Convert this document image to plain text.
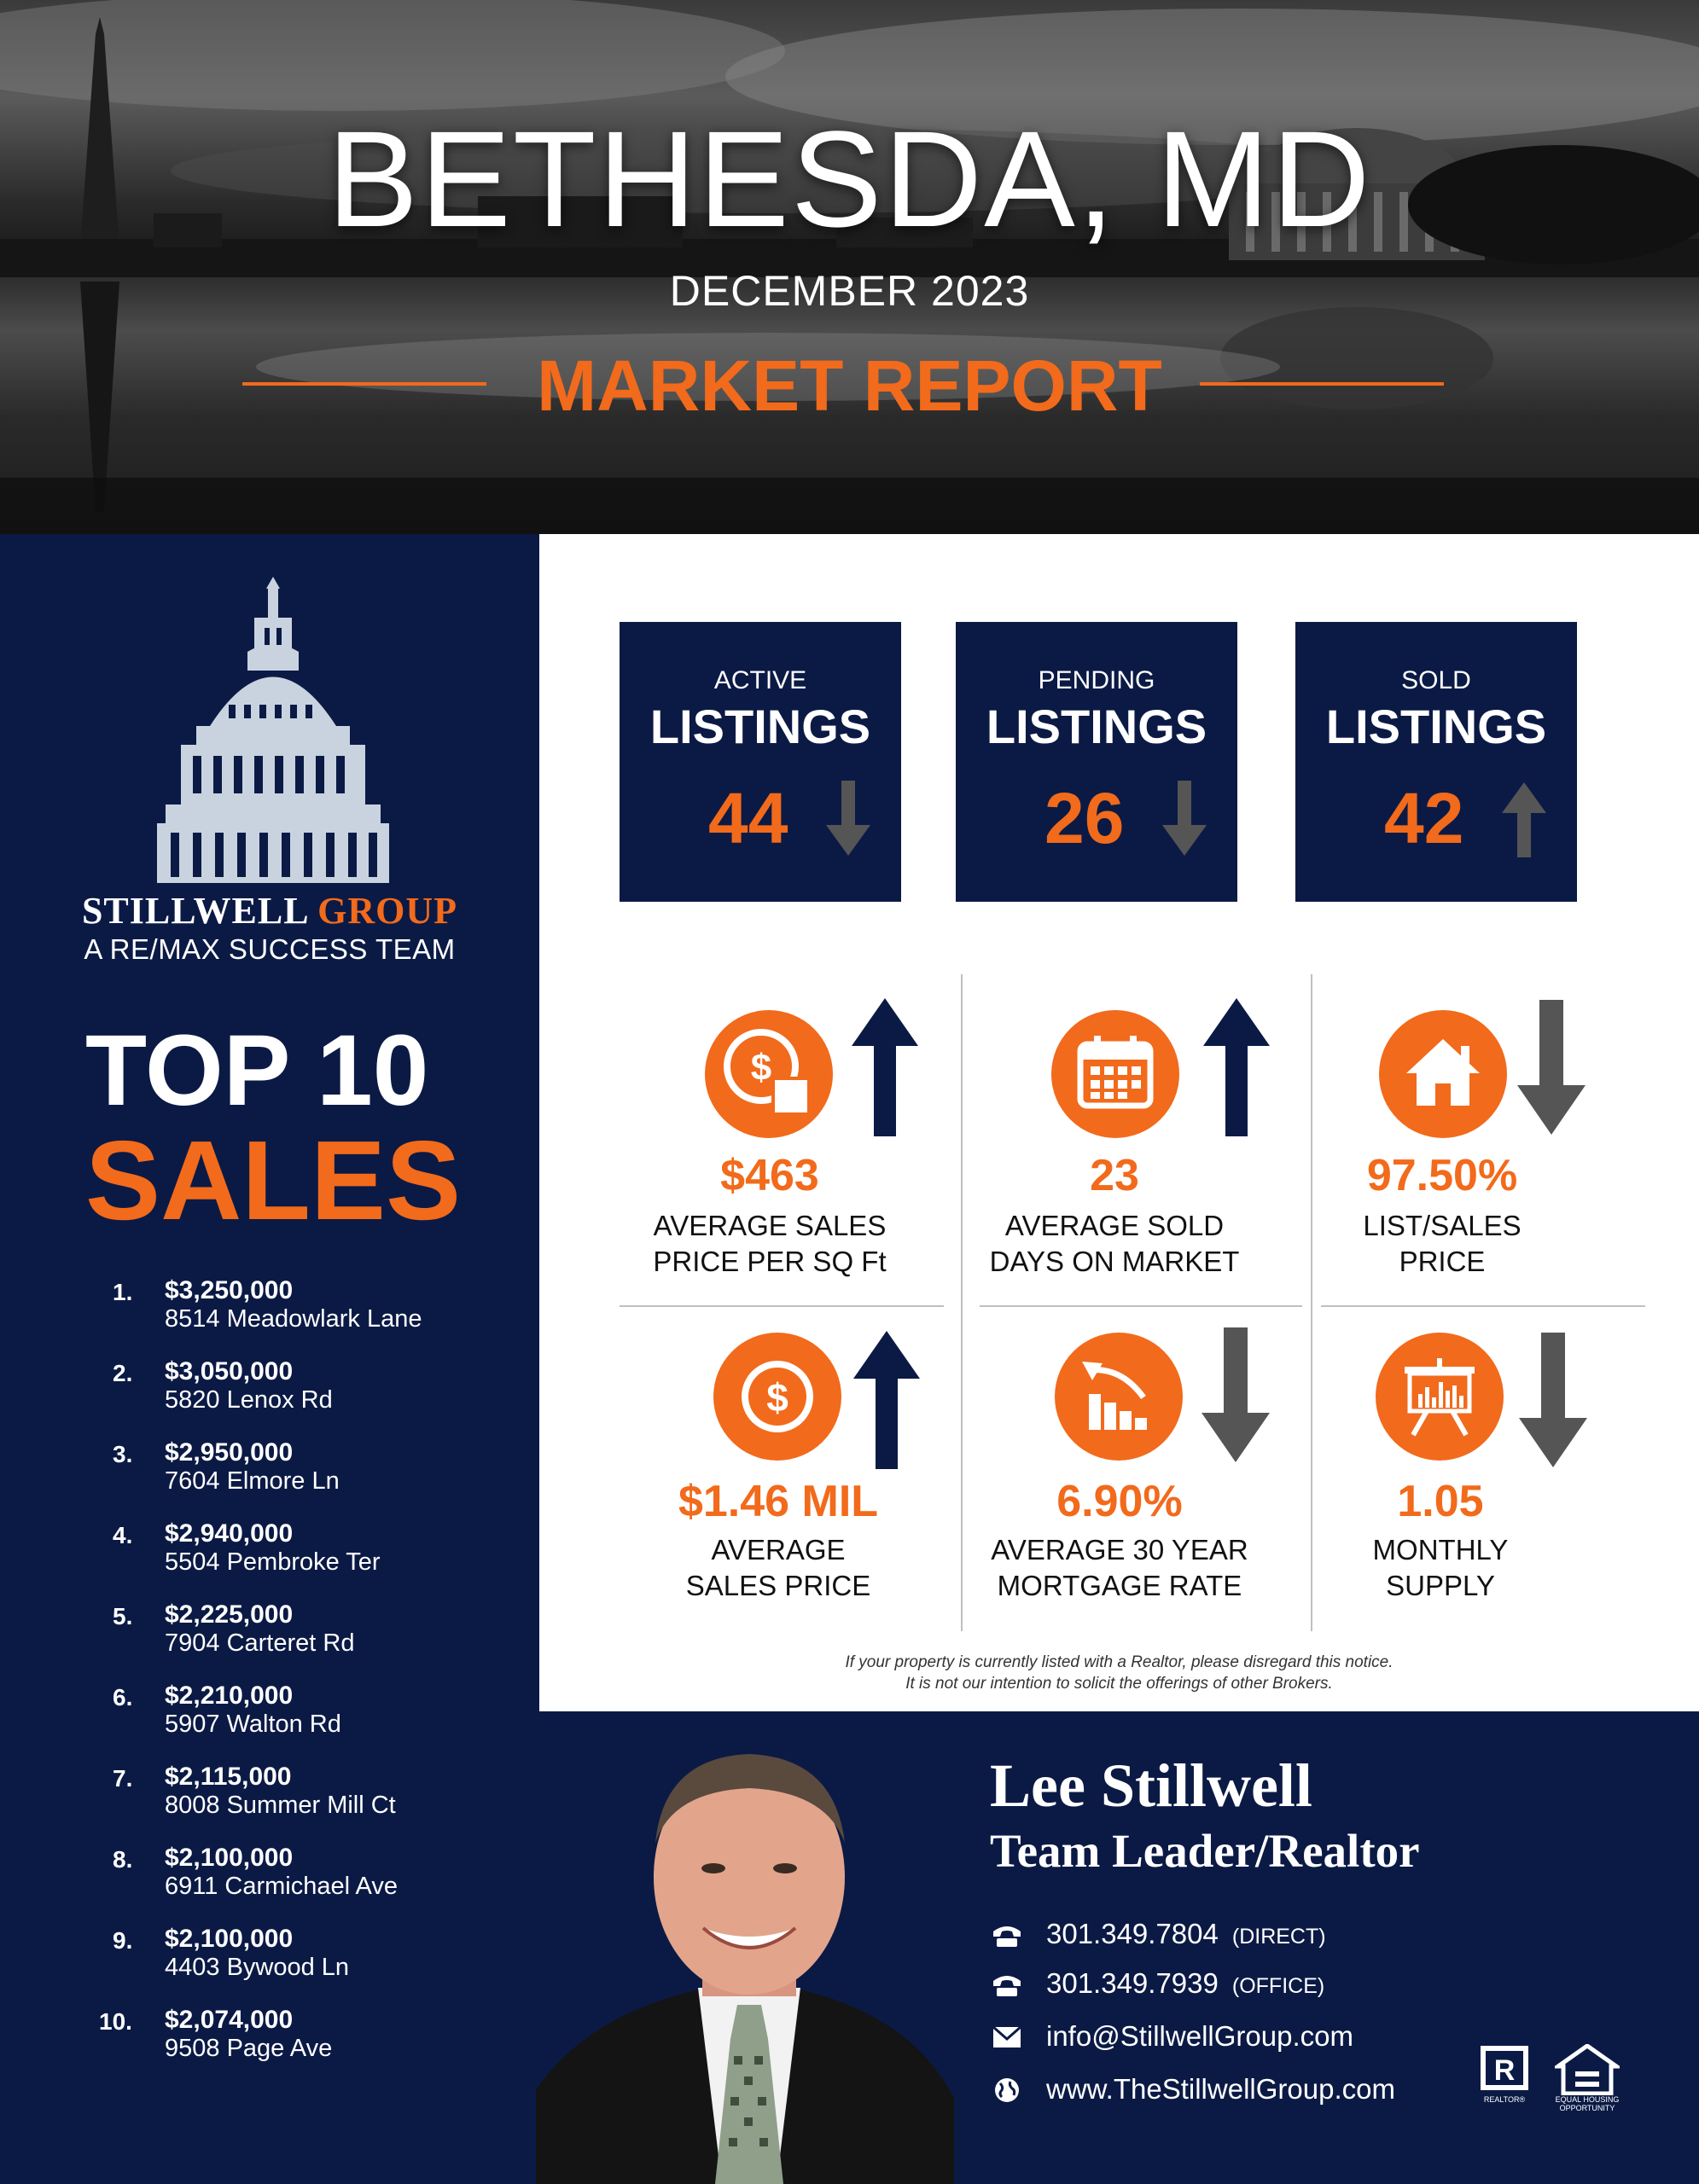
BETHESDA, MD
DECEMBER 2023
MARKET REPORT
STILLWELL GROUP
A RE/MAX SUCCESS TEAM
TOP 10
SALES
1.	$3,250,000
8514 Meadowlark Lane
2.	$3,050,000
5820 Lenox Rd
3.	$2,950,000
7604 Elmore Ln
4.	$2,940,000
5504 Pembroke Ter
5.	$2,225,000
7904 Carteret Rd
6.	$2,210,000
5907 Walton Rd
7.	$2,115,000
8008 Summer Mill Ct
8.	$2,100,000
6911 Carmichael Ave
9.	$2,100,000
4403 Bywood Ln
10.	$2,074,000
9508 Page Ave
ACTIVE
LISTINGS
44
PENDING
LISTINGS
26
SOLD
LISTINGS
42
$
$463
AVERAGE SALES
PRICE PER SQ Ft
23
AVERAGE SOLD
DAYS ON MARKET
97.50%
LIST/SALES
PRICE
$
$1.46 MIL
AVERAGE
SALES PRICE
6.90%
AVERAGE 30 YEAR
MORTGAGE RATE
1.05
MONTHLY
SUPPLY
If your property is currently listed with a Realtor, please disregard this notice.
It is not our intention to solicit the offerings of other Brokers.
Lee Stillwell
Team Leader/Realtor
301.349.7804 (DIRECT)
301.349.7939 (OFFICE)
info@StillwellGroup.com
www.TheStillwellGroup.com
R
REALTOR®	EQUAL HOUSING OPPORTUNITY
